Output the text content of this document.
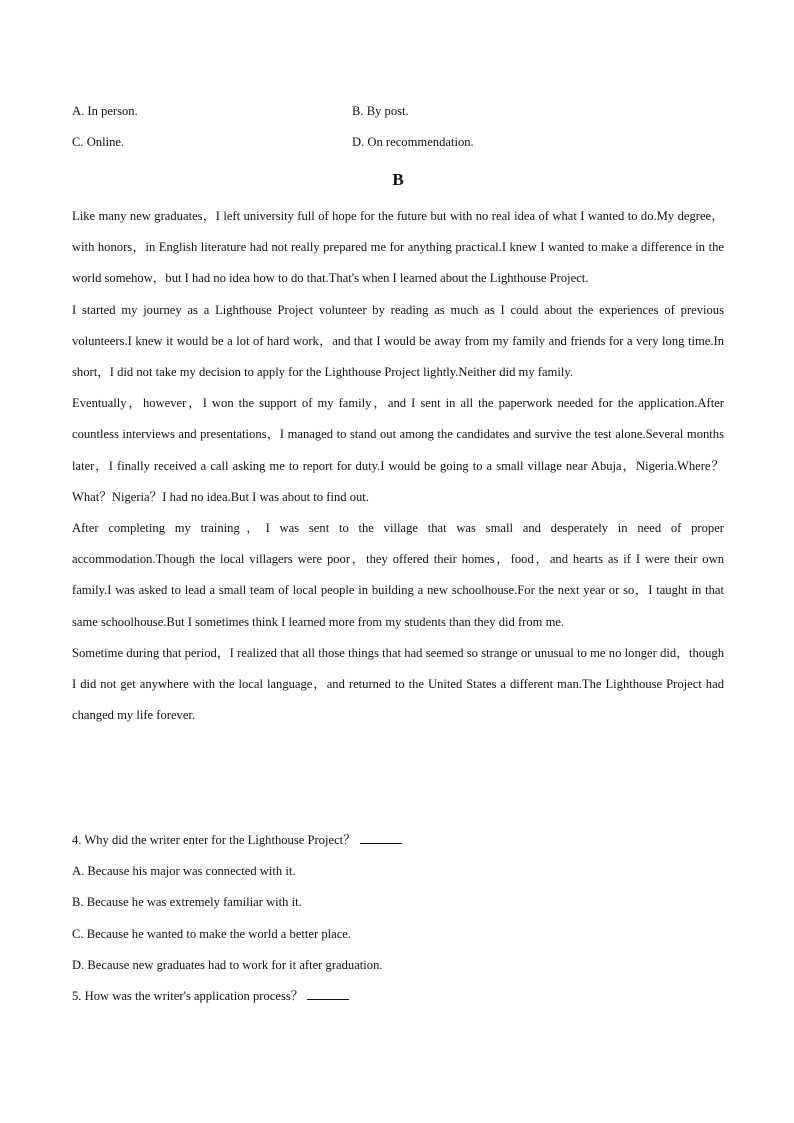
A. In person.	B. By post.
C. Online.	D. On recommendation.
B

Like many new graduates，I left university full of hope for the future but with no real idea of what I wanted to do.My degree，with honors，in English literature had not really prepared me for anything practical.I knew I wanted to make a difference in the world somehow，but I had no idea how to do that.That's when I learned about the Lighthouse Project.

I started my journey as a Lighthouse Project volunteer by reading as much as I could about the experiences of previous volunteers.I knew it would be a lot of hard work，and that I would be away from my family and friends for a very long time.In short，I did not take my decision to apply for the Lighthouse Project lightly.Neither did my family.

Eventually，however，I won the support of my family，and I sent in all the paperwork needed for the application.After countless interviews and presentations，I managed to stand out among the candidates and survive the test alone.Several months later，I finally received a call asking me to report for duty.I would be going to a small village near Abuja，Nigeria.Where？What？Nigeria？I had no idea.But I was about to find out.

After completing my training，I was sent to the village that was small and desperately in need of proper accommodation.Though the local villagers were poor，they offered their homes，food，and hearts as if I were their own family.I was asked to lead a small team of local people in building a new schoolhouse.For the next year or so，I taught in that same schoolhouse.But I sometimes think I learned more from my students than they did from me.

Sometime during that period，I realized that all those things that had seemed so strange or unusual to me no longer did，though I did not get anywhere with the local language，and returned to the United States a different man.The Lighthouse Project had changed my life forever.

4. Why did the writer enter for the Lighthouse Project？
A. Because his major was connected with it.
B. Because he was extremely familiar with it.
C. Because he wanted to make the world a better place.
D. Because new graduates had to work for it after graduation.
5. How was the writer's application process？
